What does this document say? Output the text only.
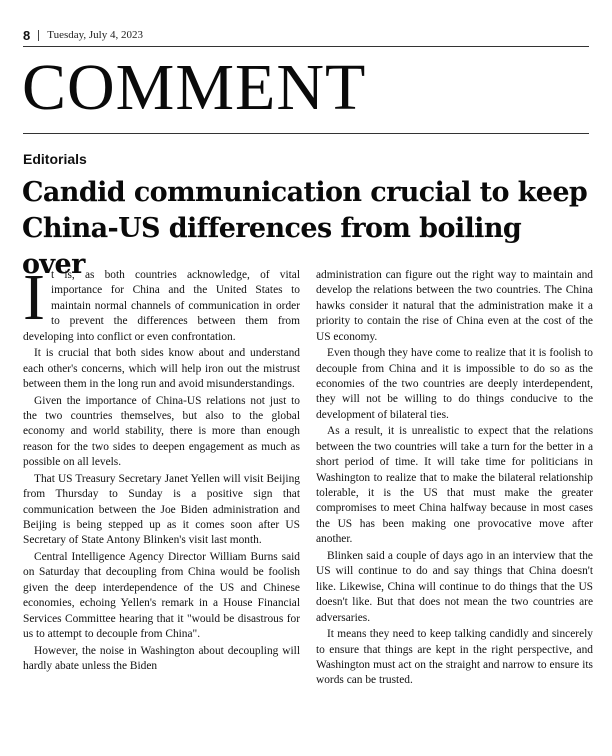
8 Tuesday, July 4, 2023
COMMENT
Editorials
Candid communication crucial to keep China-US differences from boiling over

It is, as both countries acknowledge, of vital importance for China and the United States to maintain normal channels of communication in order to prevent the differences between them from developing into conflict or even confrontation.

It is crucial that both sides know about and understand each other's concerns, which will help iron out the mistrust between them in the long run and avoid misunderstandings.

Given the importance of China-US relations not just to the two countries themselves, but also to the global economy and world stability, there is more than enough reason for the two sides to deepen engagement as much as possible on all levels.

That US Treasury Secretary Janet Yellen will visit Beijing from Thursday to Sunday is a positive sign that communication between the Joe Biden administration and Beijing is being stepped up as it comes soon after US Secretary of State Antony Blinken's visit last month.

Central Intelligence Agency Director William Burns said on Saturday that decoupling from China would be foolish given the deep interdependence of the US and Chinese economies, echoing Yellen's remark in a House Financial Services Committee hearing that it "would be disastrous for us to attempt to decouple from China".

However, the noise in Washington about decoupling will hardly abate unless the Biden

administration can figure out the right way to maintain and develop the relations between the two countries. The China hawks consider it natural that the administration make it a priority to contain the rise of China even at the cost of the US economy.

Even though they have come to realize that it is foolish to decouple from China and it is impossible to do so as the economies of the two countries are deeply interdependent, they will not be willing to do things conducive to the development of bilateral ties.

As a result, it is unrealistic to expect that the relations between the two countries will take a turn for the better in a short period of time. It will take time for politicians in Washington to realize that to make the bilateral relationship tolerable, it is the US that must make the greater compromises to meet China halfway because in most cases the US has been making one provocative move after another.

Blinken said a couple of days ago in an interview that the US will continue to do and say things that China doesn't like. Likewise, China will continue to do things that the US doesn't like. But that does not mean the two countries are adversaries.

It means they need to keep talking candidly and sincerely to ensure that things are kept in the right perspective, and Washington must act on the straight and narrow to ensure its words can be trusted.
